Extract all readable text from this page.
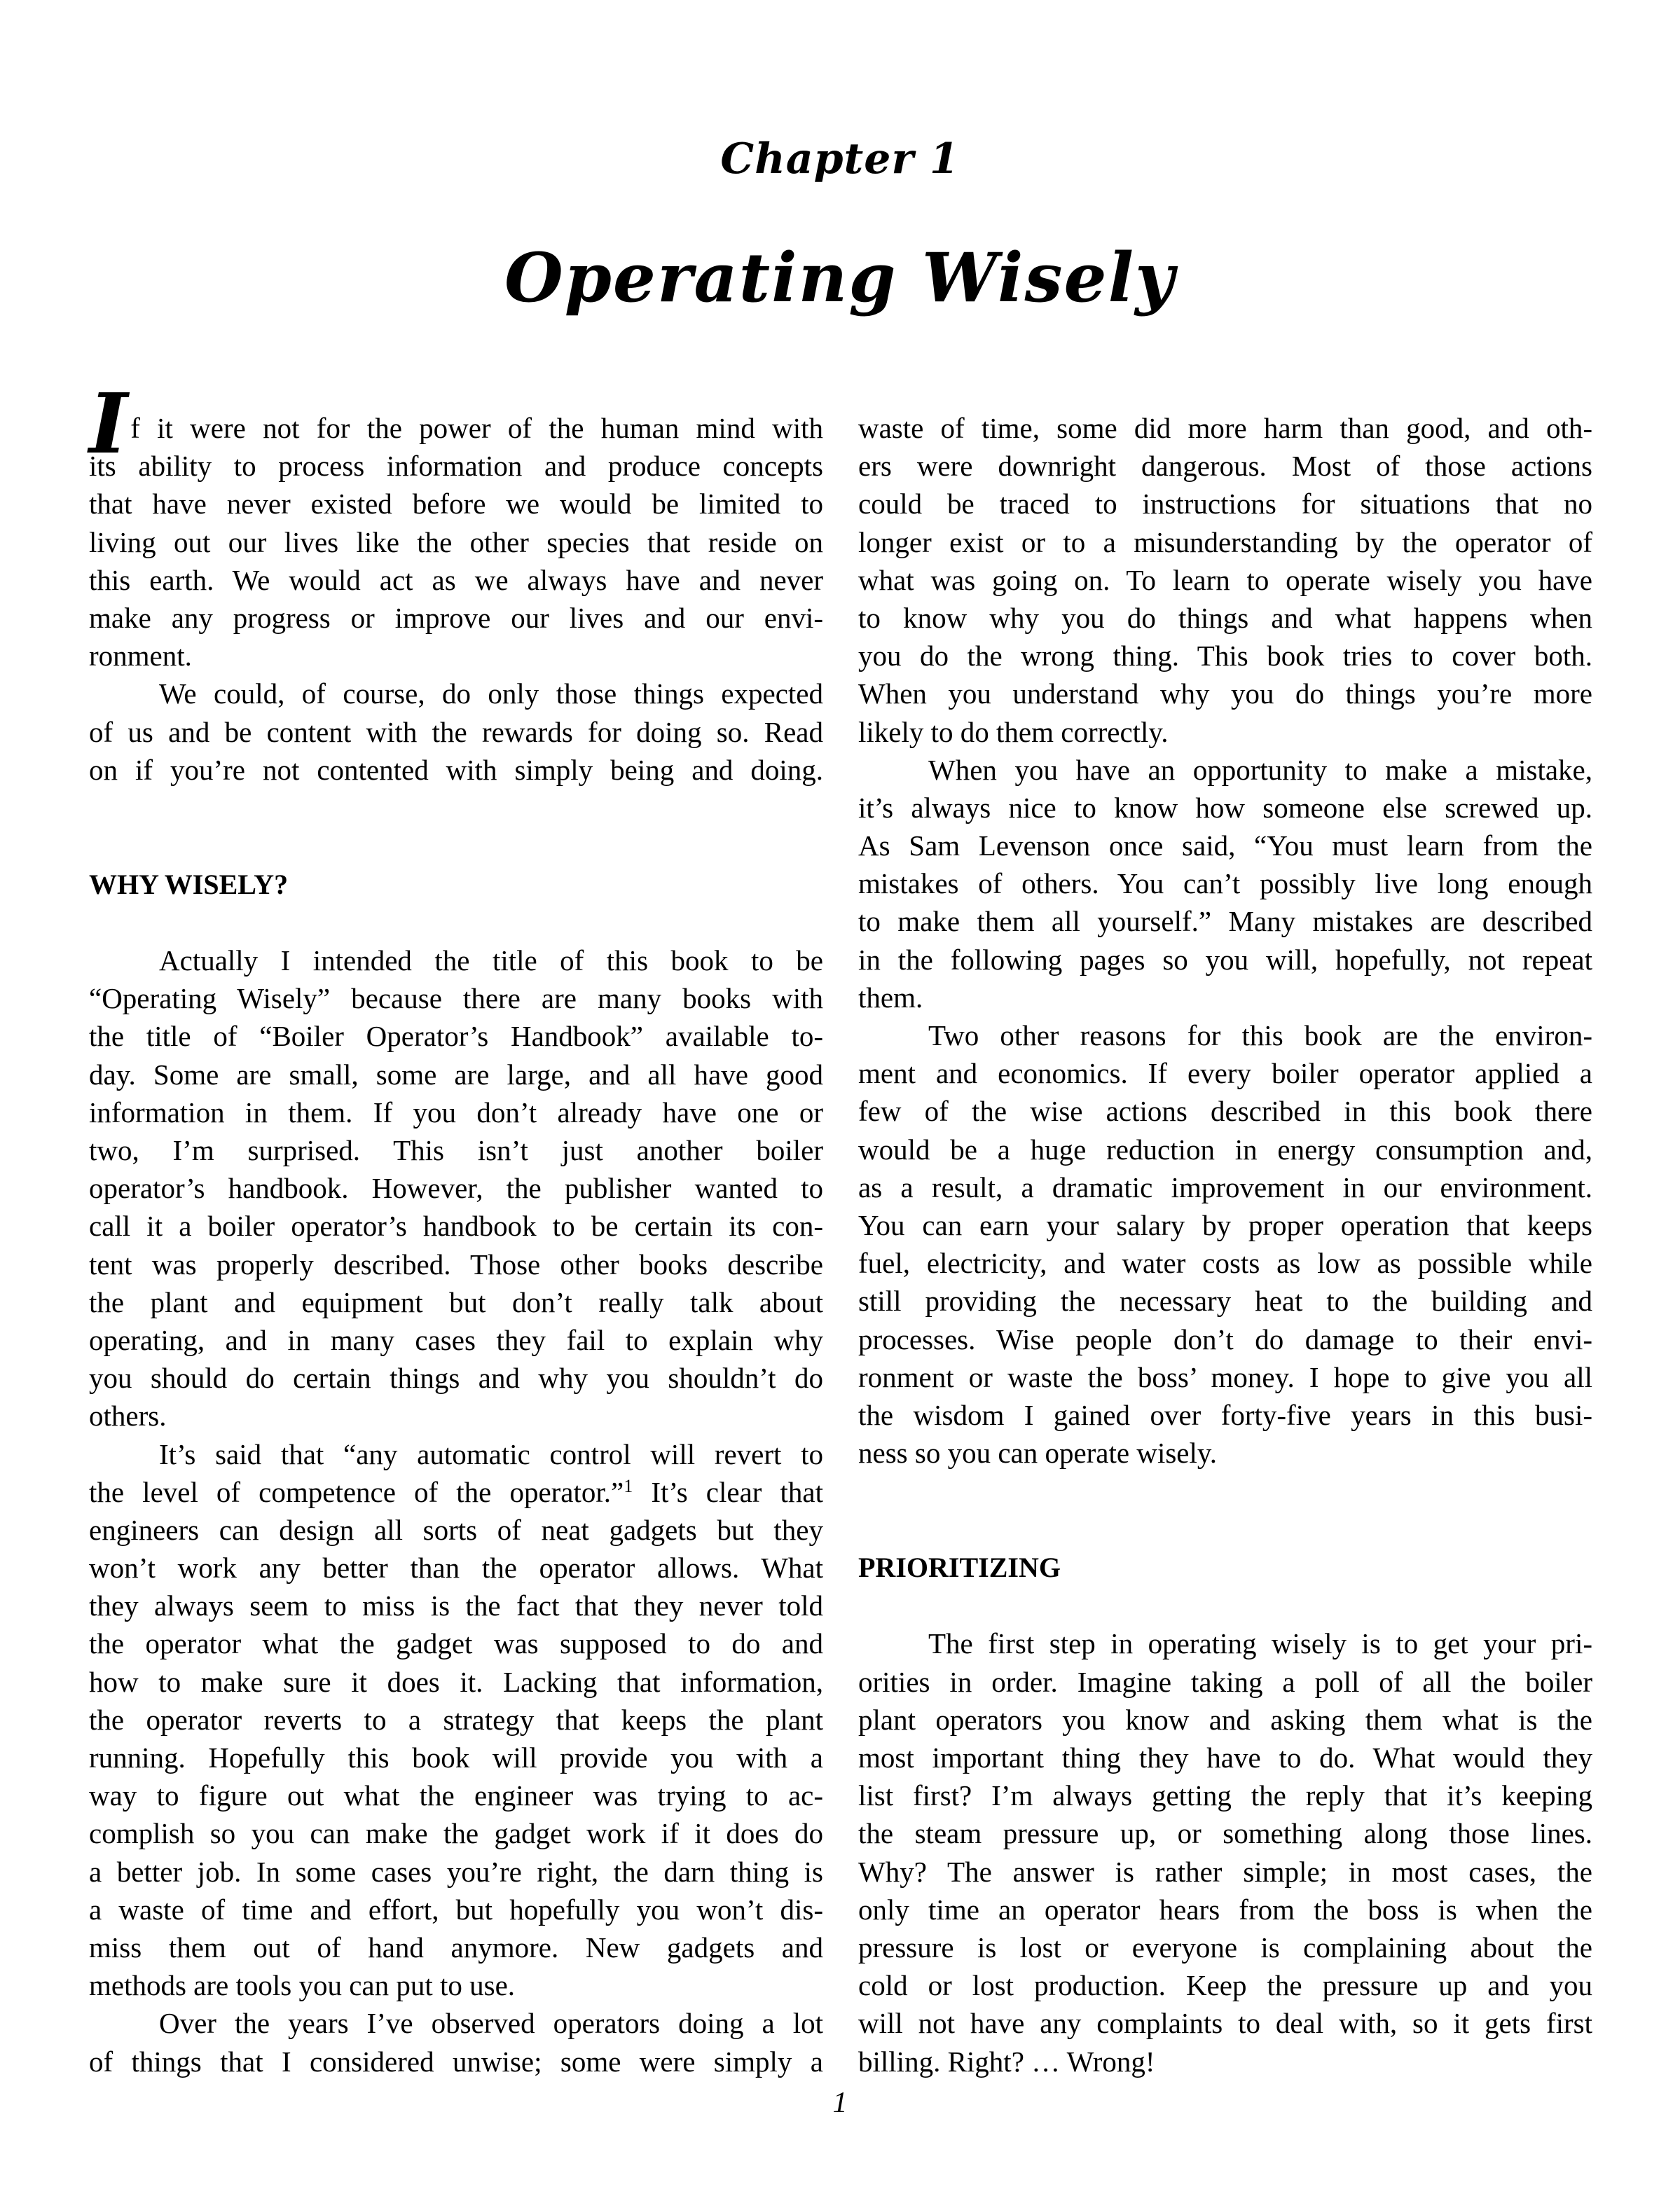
Chapter 1
Operating Wisely
I f it were not for the power of the human mind with
its ability to process information and produce concepts
that have never existed before we would be limited to
living out our lives like the other species that reside on
this earth. We would act as we always have and never
make any progress or improve our lives and our envi-
ronment.
We could, of course, do only those things expected
of us and be content with the rewards for doing so. Read
on if you’re not contented with simply being and doing.
WHY WISELY?
Actually I intended the title of this book to be
“Operating Wisely” because there are many books with
the title of “Boiler Operator’s Handbook” available to-
day. Some are small, some are large, and all have good
information in them. If you don’t already have one or
two, I’m surprised. This isn’t just another boiler
operator’s handbook. However, the publisher wanted to
call it a boiler operator’s handbook to be certain its con-
tent was properly described. Those other books describe
the plant and equipment but don’t really talk about
operating, and in many cases they fail to explain why
you should do certain things and why you shouldn’t do
others.
It’s said that “any automatic control will revert to
the level of competence of the operator.”$^1$ It’s clear that
engineers can design all sorts of neat gadgets but they
won’t work any better than the operator allows. What
they always seem to miss is the fact that they never told
the operator what the gadget was supposed to do and
how to make sure it does it. Lacking that information,
the operator reverts to a strategy that keeps the plant
running. Hopefully this book will provide you with a
way to figure out what the engineer was trying to ac-
complish so you can make the gadget work if it does do
a better job. In some cases you’re right, the darn thing is
a waste of time and effort, but hopefully you won’t dis-
miss them out of hand anymore. New gadgets and
methods are tools you can put to use.
Over the years I’ve observed operators doing a lot
of things that I considered unwise; some were simply a
waste of time, some did more harm than good, and oth-
ers were downright dangerous. Most of those actions
could be traced to instructions for situations that no
longer exist or to a misunderstanding by the operator of
what was going on. To learn to operate wisely you have
to know why you do things and what happens when
you do the wrong thing. This book tries to cover both.
When you understand why you do things you’re more
likely to do them correctly.
When you have an opportunity to make a mistake,
it’s always nice to know how someone else screwed up.
As Sam Levenson once said, “You must learn from the
mistakes of others. You can’t possibly live long enough
to make them all yourself.” Many mistakes are described
in the following pages so you will, hopefully, not repeat
them.
Two other reasons for this book are the environ-
ment and economics. If every boiler operator applied a
few of the wise actions described in this book there
would be a huge reduction in energy consumption and,
as a result, a dramatic improvement in our environment.
You can earn your salary by proper operation that keeps
fuel, electricity, and water costs as low as possible while
still providing the necessary heat to the building and
processes. Wise people don’t do damage to their envi-
ronment or waste the boss’ money. I hope to give you all
the wisdom I gained over forty-five years in this busi-
ness so you can operate wisely.
PRIORITIZING
The first step in operating wisely is to get your pri-
orities in order. Imagine taking a poll of all the boiler
plant operators you know and asking them what is the
most important thing they have to do. What would they
list first? I’m always getting the reply that it’s keeping
the steam pressure up, or something along those lines.
Why? The answer is rather simple; in most cases, the
only time an operator hears from the boss is when the
pressure is lost or everyone is complaining about the
cold or lost production. Keep the pressure up and you
will not have any complaints to deal with, so it gets first
billing. Right? … Wrong!
1
